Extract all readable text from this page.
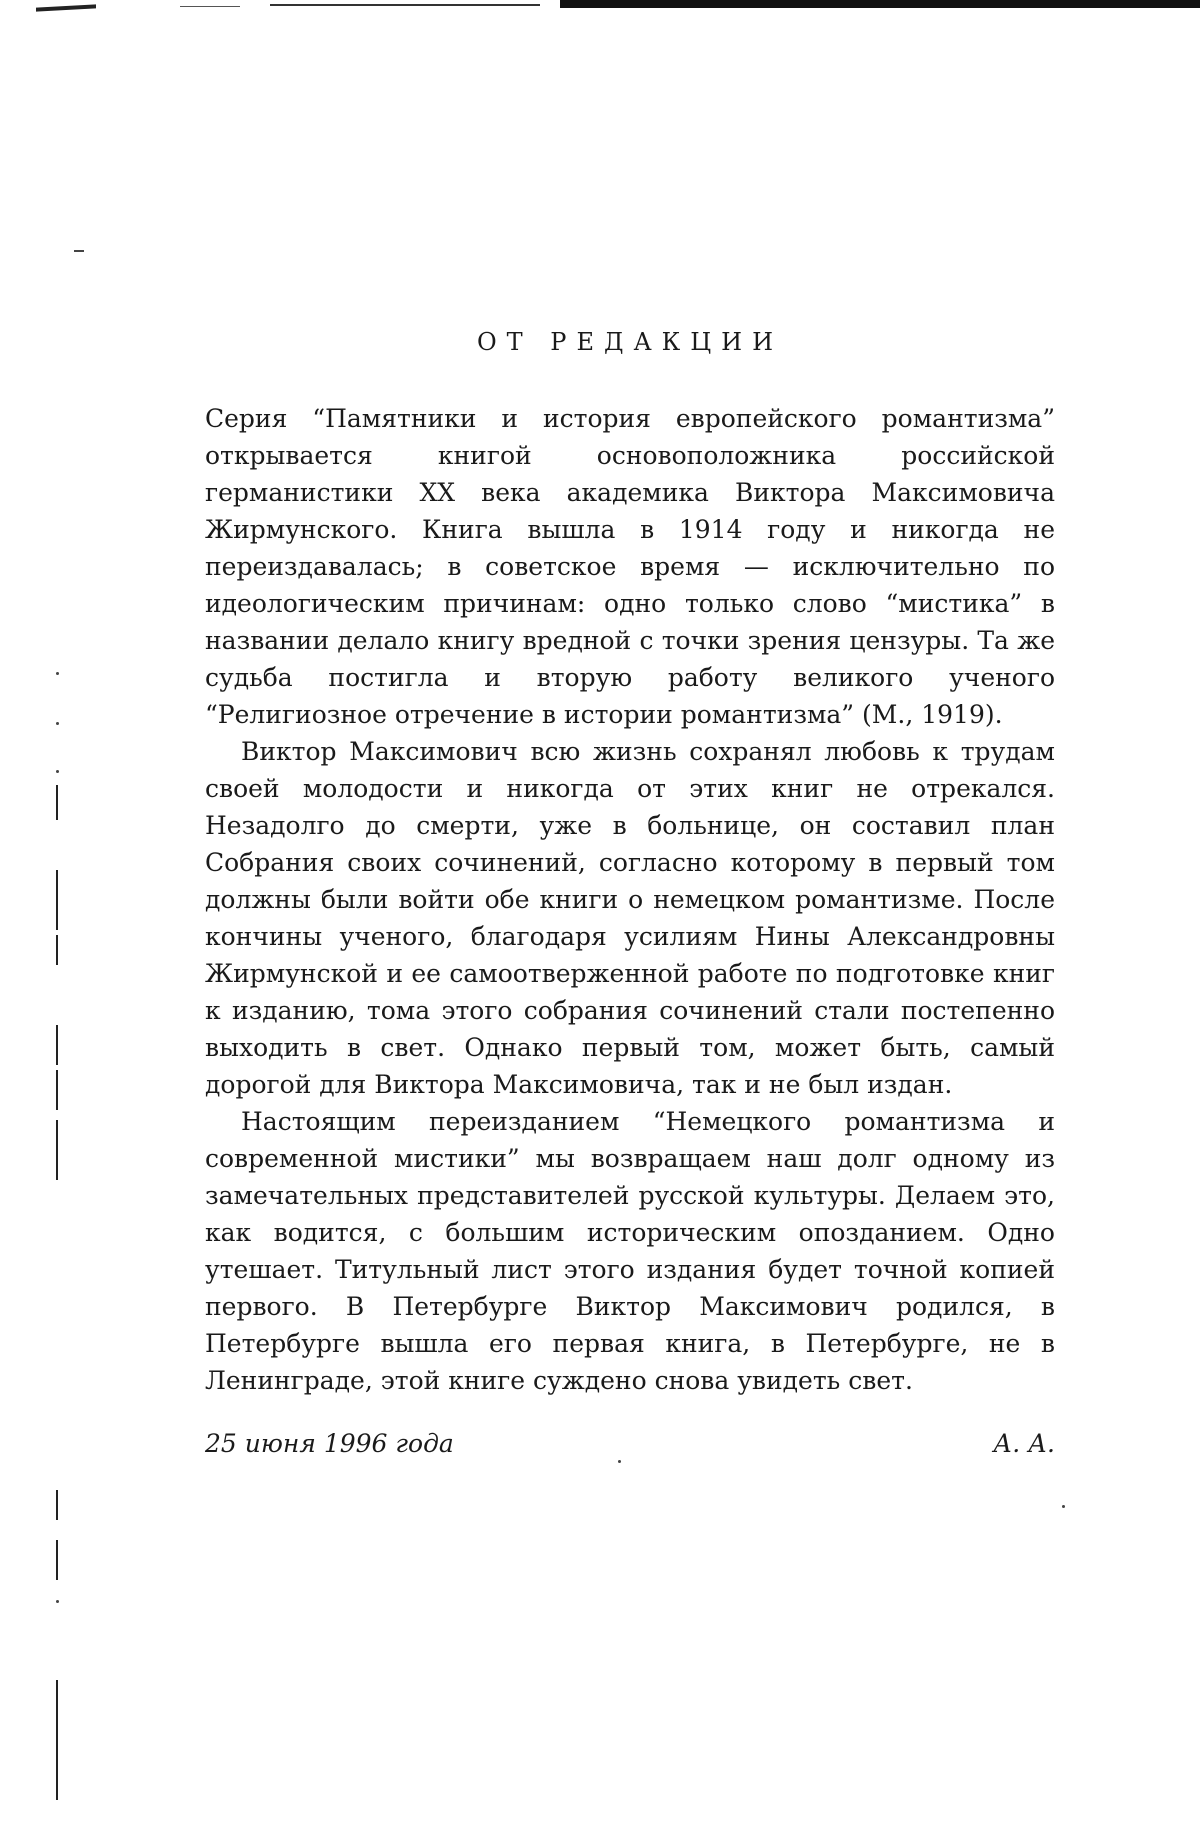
ОТ РЕДАКЦИИ

Серия “Памятники и история европейского романтизма” открывается книгой основоположника российской германистики XX века академика Виктора Максимовича Жирмунского. Книга вышла в 1914 году и никогда не переиздавалась; в советское время — исключительно по идеологическим причинам: одно только слово “мистика” в названии делало книгу вредной с точки зрения цензуры. Та же судьба постигла и вторую работу великого ученого “Религиозное отречение в истории романтизма” (М., 1919).

Виктор Максимович всю жизнь сохранял любовь к трудам своей молодости и никогда от этих книг не отрекался. Незадолго до смерти, уже в больнице, он составил план Собрания своих сочинений, согласно которому в первый том должны были войти обе книги о немецком романтизме. После кончины ученого, благодаря усилиям Нины Александровны Жирмунской и ее самоотверженной работе по подготовке книг к изданию, тома этого собрания сочинений стали постепенно выходить в свет. Однако первый том, может быть, самый дорогой для Виктора Максимовича, так и не был издан.

Настоящим переизданием “Немецкого романтизма и современной мистики” мы возвращаем наш долг одному из замечательных представителей русской культуры. Делаем это, как водится, с большим историческим опозданием. Одно утешает. Титульный лист этого издания будет точной копией первого. В Петербурге Виктор Максимович родился, в Петербурге вышла его первая книга, в Петербурге, не в Ленинграде, этой книге суждено снова увидеть свет.

25 июня 1996 года	А. А.
